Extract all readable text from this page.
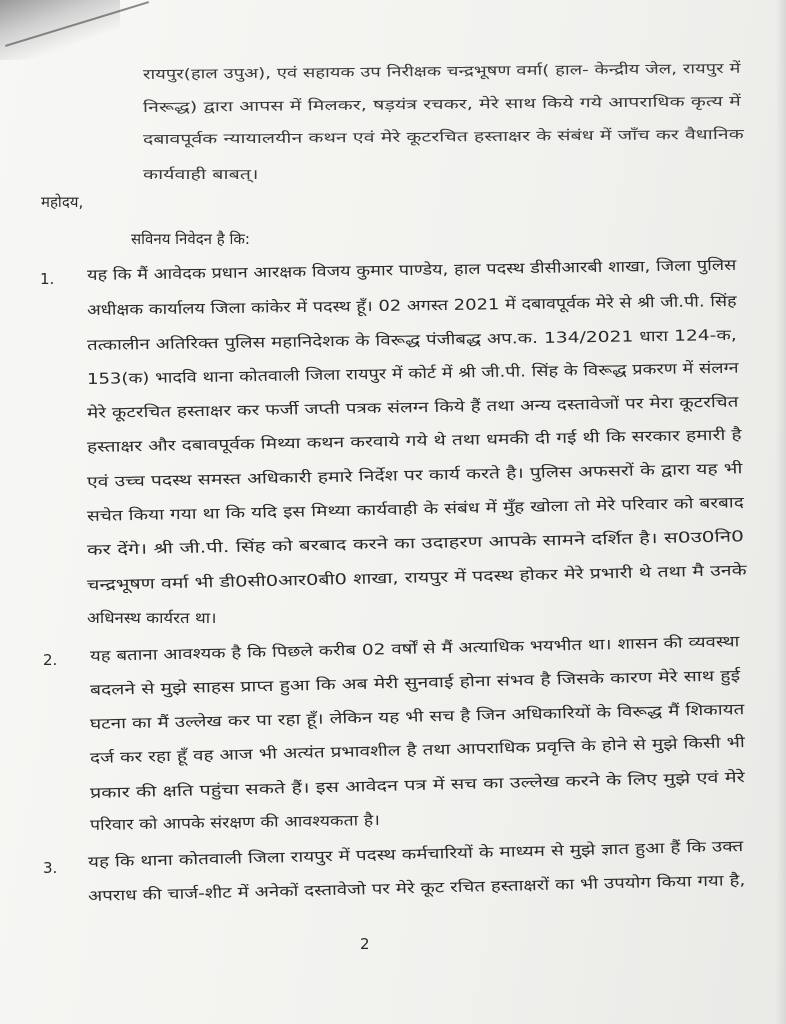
रायपुर(हाल उपुअ), एवं सहायक उप निरीक्षक चन्द्रभूषण वर्मा( हाल- केन्द्रीय जेल, रायपुर में
निरूद्ध) द्वारा आपस में मिलकर, षड़यंत्र रचकर, मेरे साथ किये गये आपराधिक कृत्य में
दबावपूर्वक न्यायालयीन कथन एवं मेरे कूटरचित हस्ताक्षर के संबंध में जाँच कर वैधानिक
कार्यवाही बाबत्।
महोदय,
सविनय निवेदन है कि:
1. यह कि मैं आवेदक प्रधान आरक्षक विजय कुमार पाण्डेय, हाल पदस्थ डीसीआरबी शाखा, जिला पुलिस
अधीक्षक कार्यालय जिला कांकेर में पदस्थ हूँ। 02 अगस्त 2021 में दबावपूर्वक मेरे से श्री जी.पी. सिंह
तत्कालीन अतिरिक्त पुलिस महानिदेशक के विरूद्ध पंजीबद्ध अप.क. 134/2021 धारा 124-क,
153(क) भादवि थाना कोतवाली जिला रायपुर में कोर्ट में श्री जी.पी. सिंह के विरूद्ध प्रकरण में संलग्न
मेरे कूटरचित हस्ताक्षर कर फर्जी जप्ती पत्रक संलग्न किये हैं तथा अन्य दस्तावेजों पर मेरा कूटरचित
हस्ताक्षर और दबावपूर्वक मिथ्या कथन करवाये गये थे तथा धमकी दी गई थी कि सरकार हमारी है
एवं उच्च पदस्थ समस्त अधिकारी हमारे निर्देश पर कार्य करते है। पुलिस अफसरों के द्वारा यह भी
सचेत किया गया था कि यदि इस मिथ्या कार्यवाही के संबंध में मुँह खोला तो मेरे परिवार को बरबाद
कर देंगे। श्री जी.पी. सिंह को बरबाद करने का उदाहरण आपके सामने दर्शित है। स0उ0नि0
चन्द्रभूषण वर्मा भी डी0सी0आर0बी0 शाखा, रायपुर में पदस्थ होकर मेरे प्रभारी थे तथा मै उनके
अधिनस्थ कार्यरत था।
2. यह बताना आवश्यक है कि पिछले करीब 02 वर्षों से मैं अत्याधिक भयभीत था। शासन की व्यवस्था
बदलने से मुझे साहस प्राप्त हुआ कि अब मेरी सुनवाई होना संभव है जिसके कारण मेरे साथ हुई
घटना का मैं उल्लेख कर पा रहा हूँ। लेकिन यह भी सच है जिन अधिकारियों के विरूद्ध मैं शिकायत
दर्ज कर रहा हूँ वह आज भी अत्यंत प्रभावशील है तथा आपराधिक प्रवृत्ति के होने से मुझे किसी भी
प्रकार की क्षति पहुंचा सकते हैं। इस आवेदन पत्र में सच का उल्लेख करने के लिए मुझे एवं मेरे
परिवार को आपके संरक्षण की आवश्यकता है।
3. यह कि थाना कोतवाली जिला रायपुर में पदस्थ कर्मचारियों के माध्यम से मुझे ज्ञात हुआ हैं कि उक्त
अपराध की चार्ज-शीट में अनेकों दस्तावेजो पर मेरे कूट रचित हस्ताक्षरों का भी उपयोग किया गया है,
2
